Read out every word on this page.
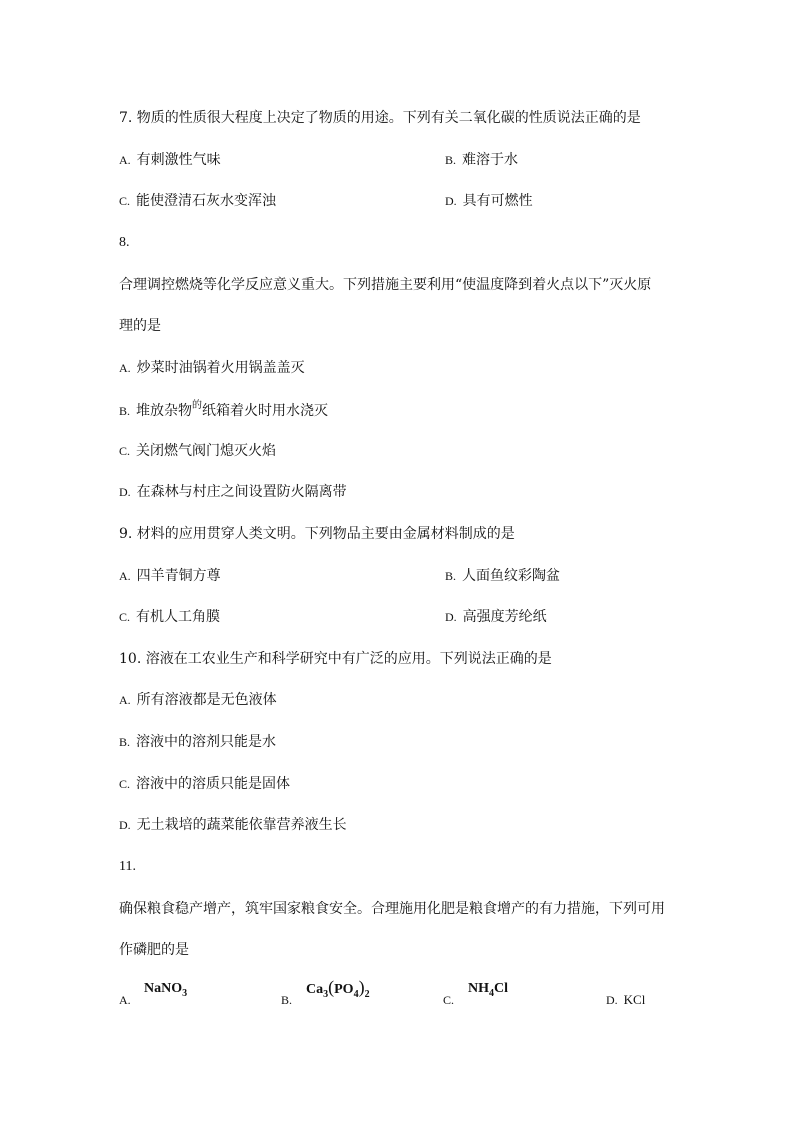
7. 物质的性质很大程度上决定了物质的用途。下列有关二氧化碳的性质说法正确的是
A. 有刺激性气味	B. 难溶于水
C. 能使澄清石灰水变浑浊	D. 具有可燃性
8.
合理调控燃烧等化学反应意义重大。下列措施主要利用“使温度降到着火点以下”灭火原
理的是
A. 炒菜时油锅着火用锅盖盖灭
B. 堆放杂物$^的$纸箱着火时用水浇灭
C. 关闭燃气阀门熄灭火焰
D. 在森林与村庄之间设置防火隔离带
9. 材料的应用贯穿人类文明。下列物品主要由金属材料制成的是
A. 四羊青铜方尊	B. 人面鱼纹彩陶盆
C. 有机人工角膜	D. 高强度芳纶纸
10. 溶液在工农业生产和科学研究中有广泛的应用。下列说法正确的是
A. 所有溶液都是无色液体
B. 溶液中的溶剂只能是水
C. 溶液中的溶质只能是固体
D. 无土栽培的蔬菜能依靠营养液生长
11.
确保粮食稳产增产，筑牢国家粮食安全。合理施用化肥是粮食增产的有力措施，下列可用
作磷肥的是
A.
NaNO$_3$	B.
$Ca_3(PO_4)_2$	C.
$NH_4Cl$
D. KCl
